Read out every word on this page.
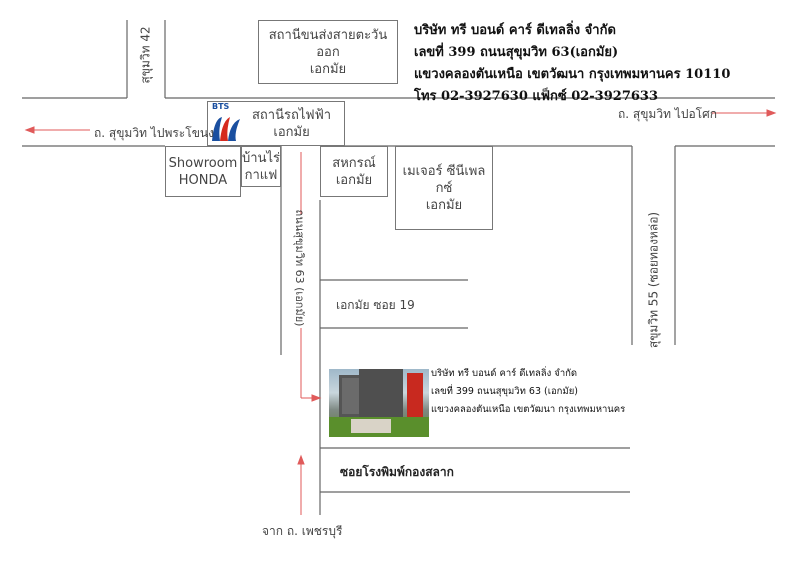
สถานีขนส่งสายตะวันออก
เอกมัย
สถานีรถไฟฟ้า
เอกมัย
BTS
Showroom
HONDA
บ้านไร่
กาแฟ
สหกรณ์
เอกมัย
เมเจอร์ ซีนีเพลกซ์
เอกมัย
บริษัท ทรี บอนด์ คาร์ ดีเทลลิ่ง จำกัด
เลขที่ 399 ถนนสุขุมวิท 63(เอกมัย)
แขวงคลองตันเหนือ เขตวัฒนา กรุงเทพมหานคร 10110
โทร 02-3927630 แฟ็กซ์ 02-3927633
สุขุมวิท 42
ถ. สุขุมวิท ไปพระโขนง
ถ. สุขุมวิท ไปอโศก
ถนนสุขุมวิท 63 (เอกมัย)	เอกมัย ซอย 19	สุขุมวิท 55 (ซอยทองหล่อ)
ซอยโรงพิมพ์กองสลาก
จาก ถ. เพชรบุรี
บริษัท ทรี บอนด์ คาร์ ดีเทลลิ่ง จำกัด
เลขที่ 399 ถนนสุขุมวิท 63 (เอกมัย)
แขวงคลองตันเหนือ เขตวัฒนา กรุงเทพมหานคร
